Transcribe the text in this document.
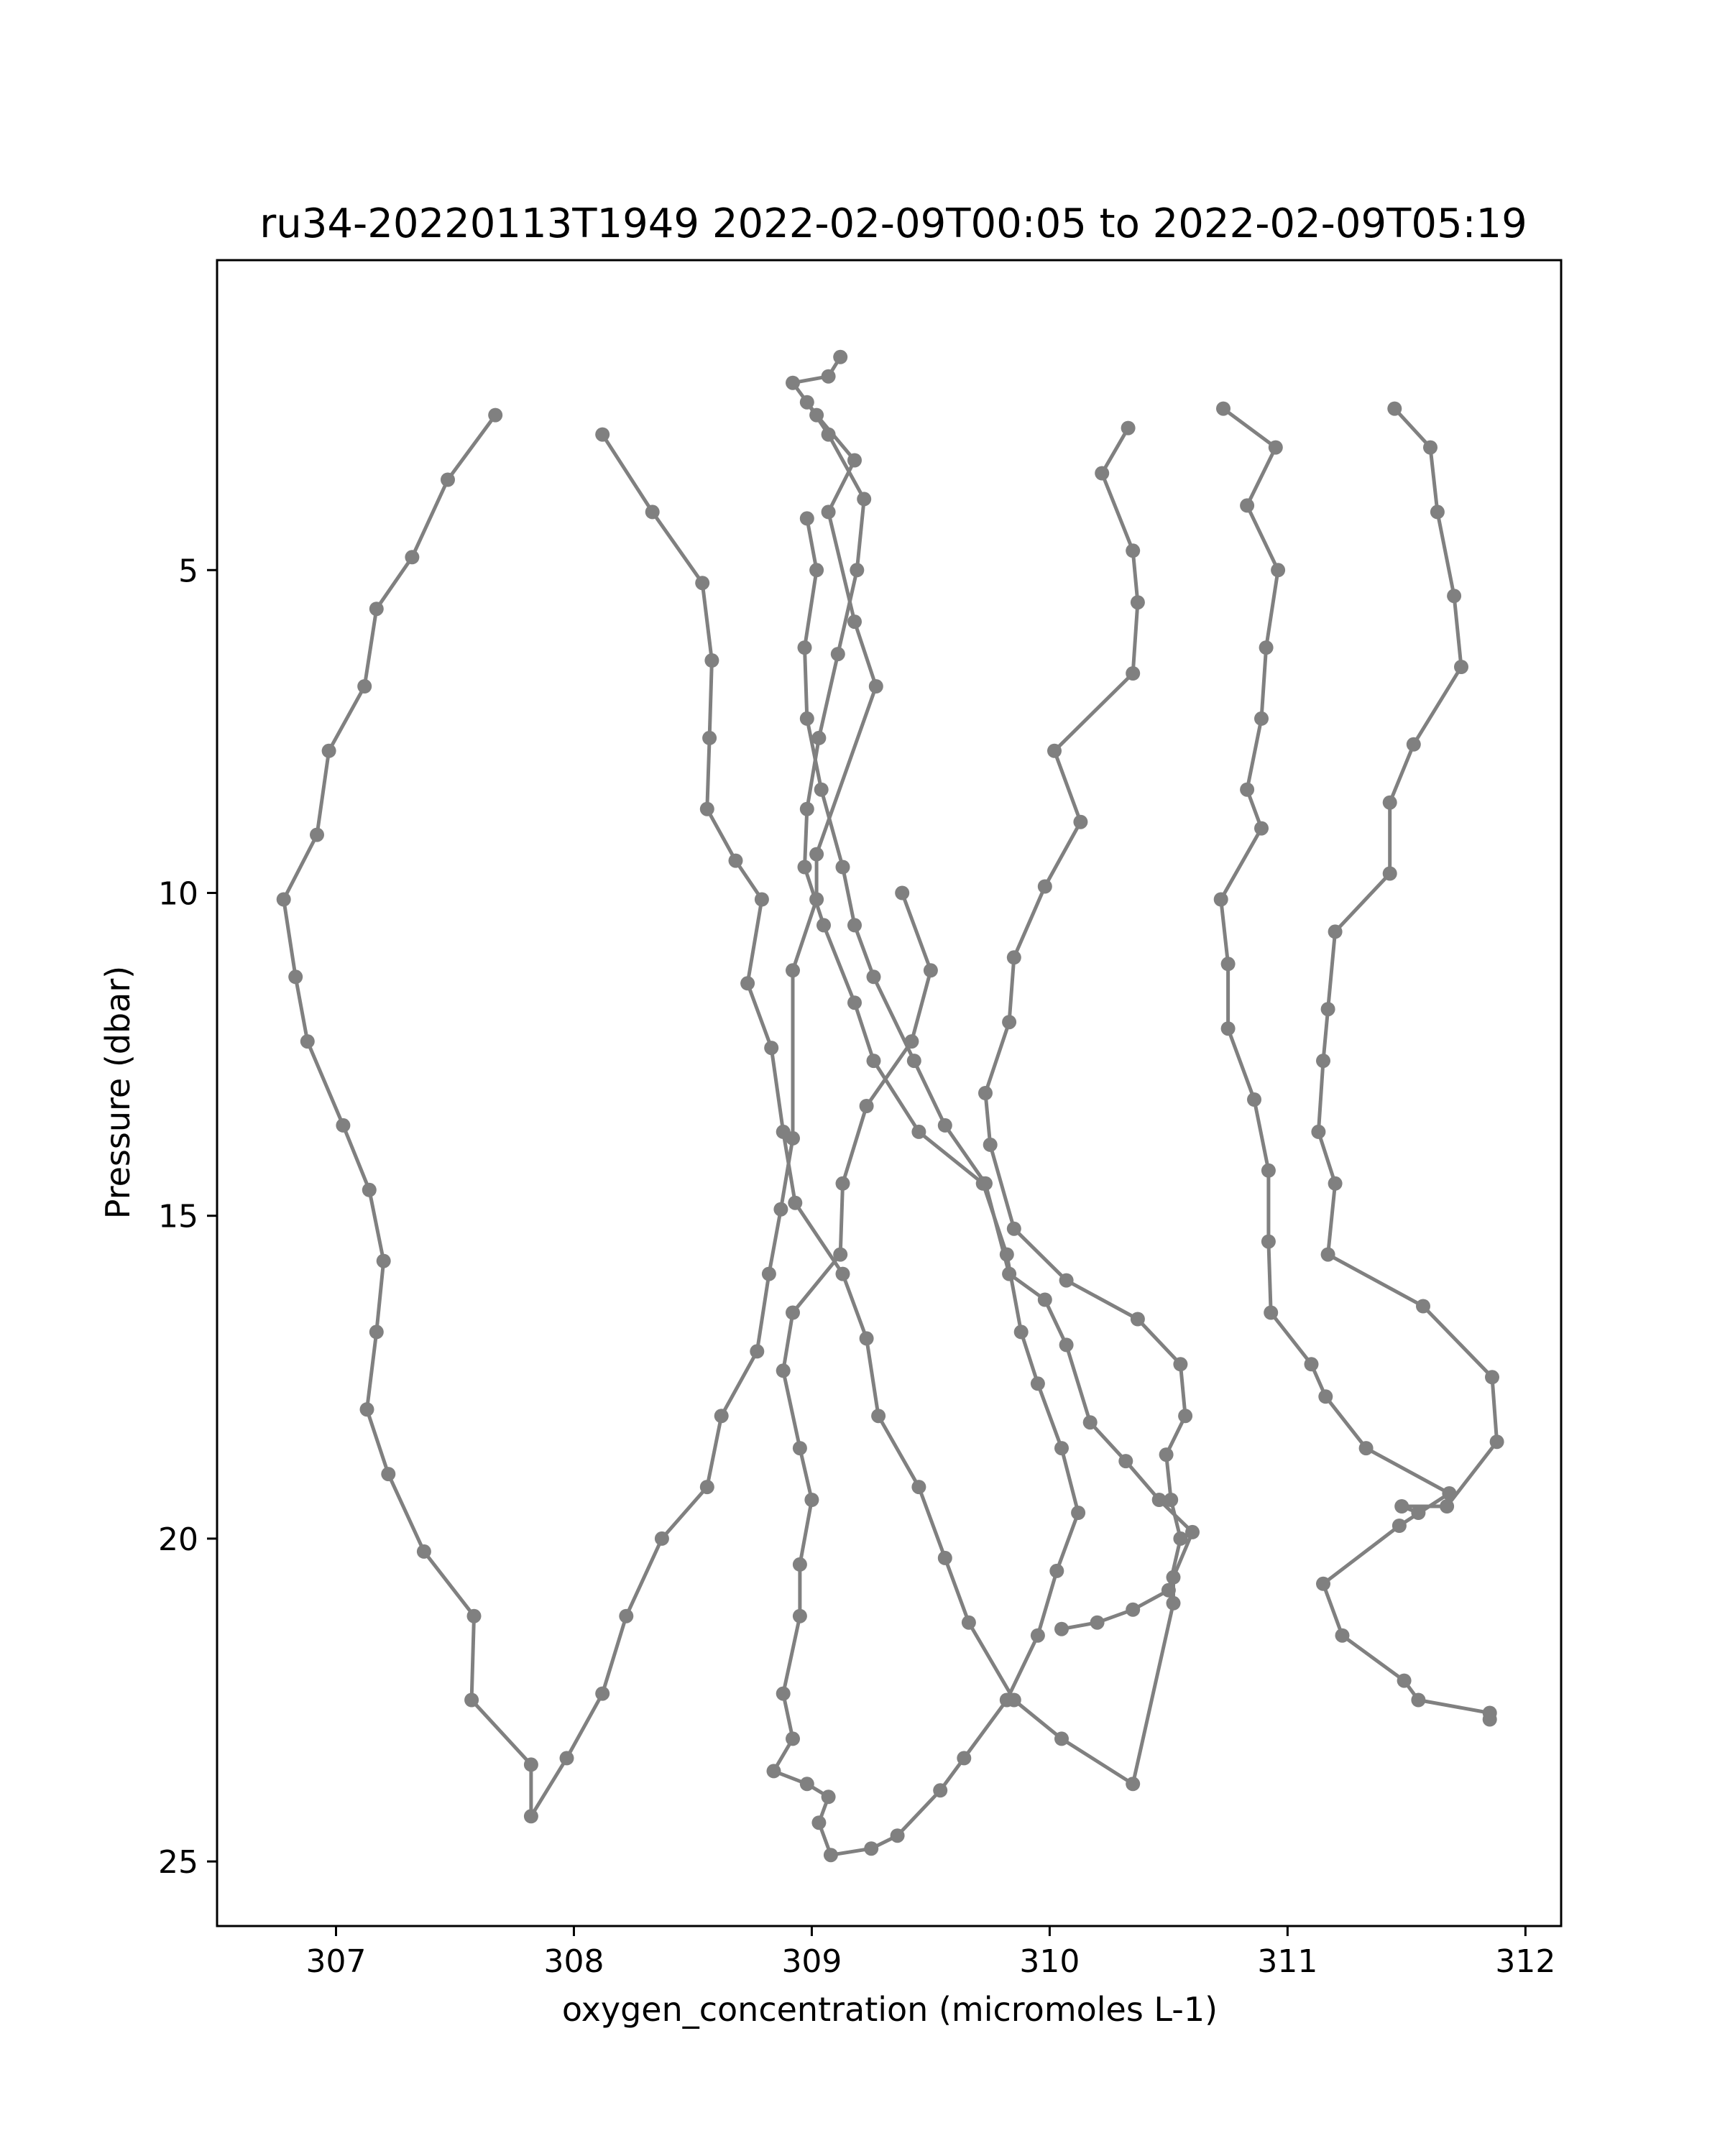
ru34-20220113T1949 2022-02-09T00:05 to 2022-02-09T05:19
5
10
15
20
25
307	308	309	310	311	312
oxygen_concentration (micromoles L-1)
Pressure (dbar)
